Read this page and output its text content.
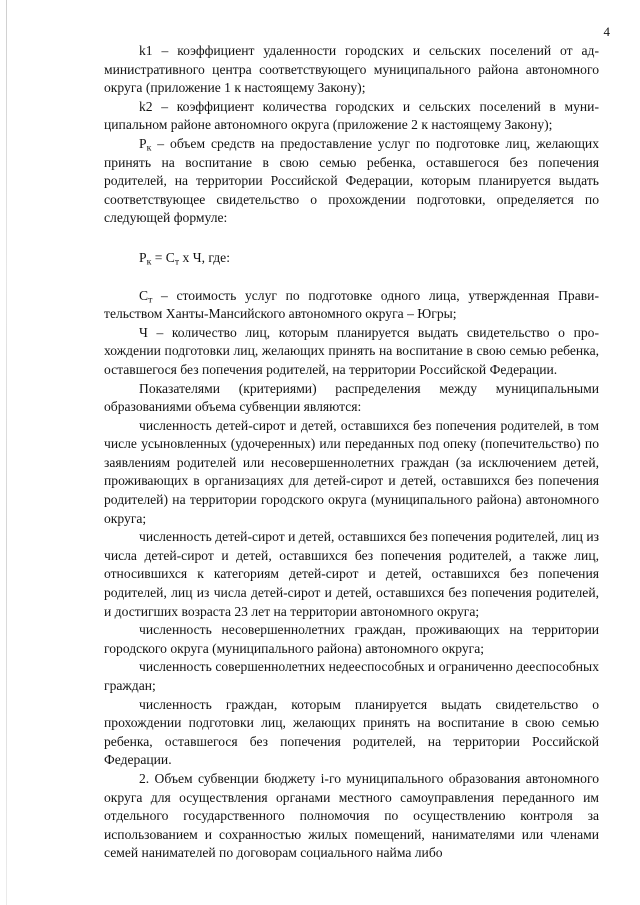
4

k1 – коэффициент удаленности городских и сельских поселений от административного центра соответствующего муниципального района автономного округа (приложение 1 к настоящему Закону);

k2 – коэффициент количества городских и сельских поселений в муниципальном районе автономного округа (приложение 2 к настоящему Закону);

$Р_к$ – объем средств на предоставление услуг по подготовке лиц, желающих принять на воспитание в свою семью ребенка, оставшегося без попечения родителей, на территории Российской Федерации, которым планируется выдать соответствующее свидетельство о прохождении подготовки, определяется по следующей формуле:

$Р_к = С_т$ х Ч, где:

$С_т$ – стоимость услуг по подготовке одного лица, утвержденная Правительством Ханты-Мансийского автономного округа – Югры;

Ч – количество лиц, которым планируется выдать свидетельство о прохождении подготовки лиц, желающих принять на воспитание в свою семью ребенка, оставшегося без попечения родителей, на территории Российской Федерации.

Показателями (критериями) распределения между муниципальными образованиями объема субвенции являются:

численность детей-сирот и детей, оставшихся без попечения родителей, в том числе усыновленных (удочеренных) или переданных под опеку (попечительство) по заявлениям родителей или несовершеннолетних граждан (за исключением детей, проживающих в организациях для детей-сирот и детей, оставшихся без попечения родителей) на территории городского округа (муниципального района) автономного округа;

численность детей-сирот и детей, оставшихся без попечения родителей, лиц из числа детей-сирот и детей, оставшихся без попечения родителей, а также лиц, относившихся к категориям детей-сирот и детей, оставшихся без попечения родителей, лиц из числа детей-сирот и детей, оставшихся без попечения родителей, и достигших возраста 23 лет на территории автономного округа;

численность несовершеннолетних граждан, проживающих на территории городского округа (муниципального района) автономного округа;

численность совершеннолетних недееспособных и ограниченно дееспособных граждан;

численность граждан, которым планируется выдать свидетельство о прохождении подготовки лиц, желающих принять на воспитание в свою семью ребенка, оставшегося без попечения родителей, на территории Российской Федерации.

2. Объем субвенции бюджету i-го муниципального образования автономного округа для осуществления органами местного самоуправления переданного им отдельного государственного полномочия по осуществлению контроля за использованием и сохранностью жилых помещений, нанимателями или членами семей нанимателей по договорам социального найма либо
